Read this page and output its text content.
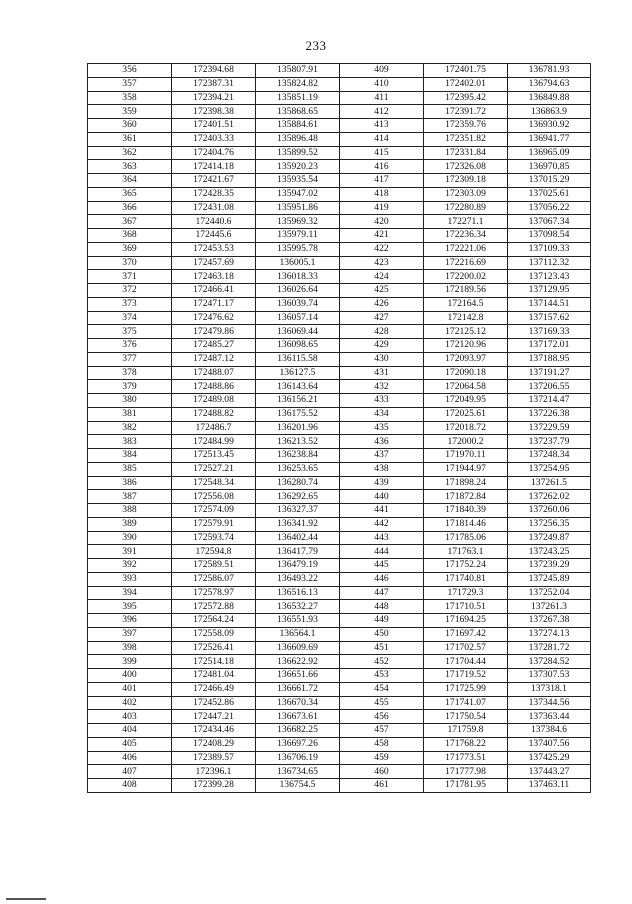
233
356	172394.68	135807.91	409	172401.75	136781.93
357	172387.31	135824.82	410	172402.01	136794.63
358	172394.21	135851.19	411	172395.42	136849.88
359	172398.38	135868.65	412	172391.72	136863.9
360	172401.51	135884.61	413	172359.76	136930.92
361	172403.33	135896.48	414	172351.82	136941.77
362	172404.76	135899.52	415	172331.84	136965.09
363	172414.18	135920.23	416	172326.08	136970.85
364	172421.67	135935.54	417	172309.18	137015.29
365	172428.35	135947.02	418	172303.09	137025.61
366	172431.08	135951.86	419	172280.89	137056.22
367	172440.6	135969.32	420	172271.1	137067.34
368	172445.6	135979.11	421	172236.34	137098.54
369	172453.53	135995.78	422	172221.06	137109.33
370	172457.69	136005.1	423	172216.69	137112.32
371	172463.18	136018.33	424	172200.02	137123.43
372	172466.41	136026.64	425	172189.56	137129.95
373	172471.17	136039.74	426	172164.5	137144.51
374	172476.62	136057.14	427	172142.8	137157.62
375	172479.86	136069.44	428	172125.12	137169.33
376	172485.27	136098.65	429	172120.96	137172.01
377	172487.12	136115.58	430	172093.97	137188.95
378	172488.07	136127.5	431	172090.18	137191.27
379	172488.86	136143.64	432	172064.58	137206.55
380	172489.08	136156.21	433	172049.95	137214.47
381	172488.82	136175.52	434	172025.61	137226.38
382	172486.7	136201.96	435	172018.72	137229.59
383	172484.99	136213.52	436	172000.2	137237.79
384	172513.45	136238.84	437	171970.11	137248.34
385	172527.21	136253.65	438	171944.97	137254.95
386	172548.34	136280.74	439	171898.24	137261.5
387	172556.08	136292.65	440	171872.84	137262.02
388	172574.09	136327.37	441	171840.39	137260.06
389	172579.91	136341.92	442	171814.46	137256.35
390	172593.74	136402.44	443	171785.06	137249.87
391	172594.8	136417.79	444	171763.1	137243.25
392	172589.51	136479.19	445	171752.24	137239.29
393	172586.07	136493.22	446	171740.81	137245.89
394	172578.97	136516.13	447	171729.3	137252.04
395	172572.88	136532.27	448	171710.51	137261.3
396	172564.24	136551.93	449	171694.25	137267.38
397	172558.09	136564.1	450	171697.42	137274.13
398	172526.41	136609.69	451	171702.57	137281.72
399	172514.18	136622.92	452	171704.44	137284.52
400	172481.04	136651.66	453	171719.52	137307.53
401	172466.49	136661.72	454	171725.99	137318.1
402	172452.86	136670.34	455	171741.07	137344.56
403	172447.21	136673.61	456	171750.54	137363.44
404	172434.46	136682.25	457	171759.8	137384.6
405	172408.29	136697.26	458	171768.22	137407.56
406	172389.57	136706.19	459	171773.51	137425.29
407	172396.1	136734.65	460	171777.98	137443.27
408	172399.28	136754.5	461	171781.95	137463.11
